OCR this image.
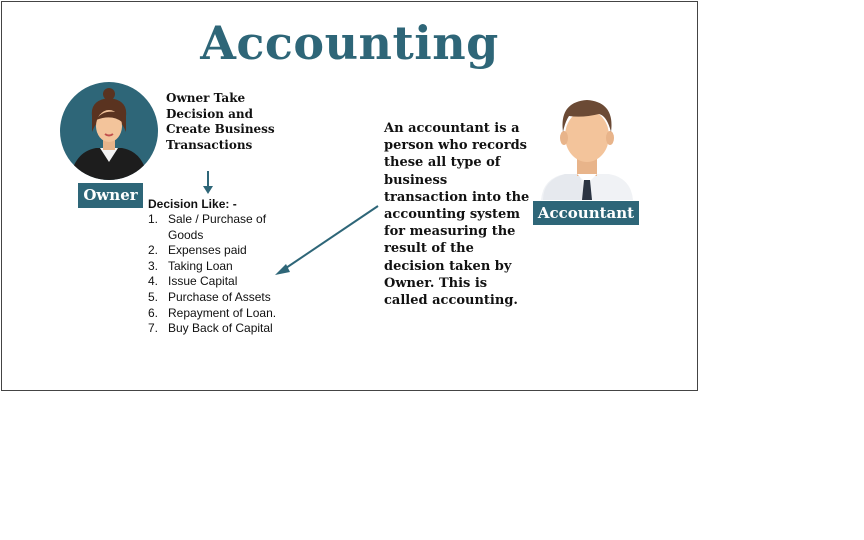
Accounting
Owner
Owner Take Decision and Create Business Transactions
Decision Like: -
1. Sale / Purchase of Goods
2. Expenses paid
3. Taking Loan
4. Issue Capital
5. Purchase of Assets
6. Repayment of Loan.
7. Buy Back of Capital
An accountant is a person who records these all type of business transaction into the accounting system for measuring the result of the decision taken by Owner. This is called accounting.
Accountant
